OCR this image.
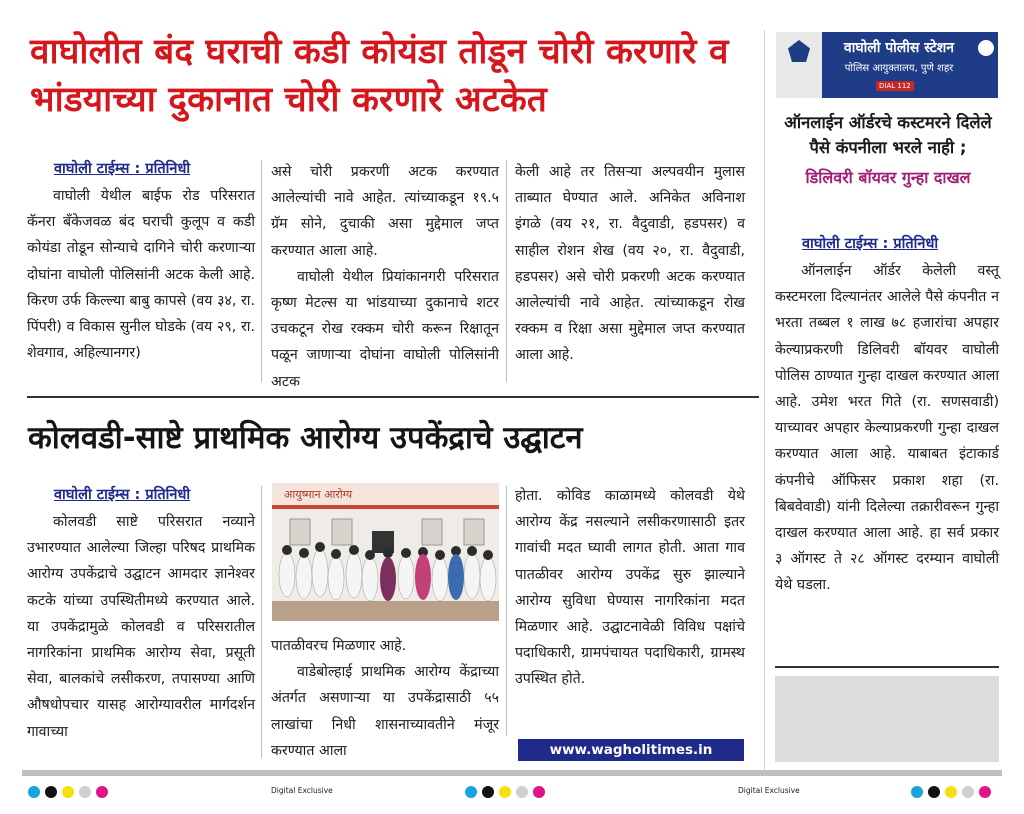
वाघोलीत बंद घराची कडी कोयंडा तोडून चोरी करणारे व भांडयाच्या दुकानात चोरी करणारे अटकेत
वाघोली टाईम्स : प्रतिनिधी

वाघोली येथील बाईफ रोड परिसरात कॅनरा बँकेजवळ बंद घराची कुलूप व कडी कोयंडा तोडून सोन्याचे दागिने चोरी करणाऱ्या दोघांना वाघोली पोलिसांनी अटक केली आहे. किरण उर्फ किल्ल्या बाबु कापसे (वय ३४, रा. पिंपरी) व विकास सुनील घोडके (वय २९, रा. शेवगाव, अहिल्यानगर)

असे चोरी प्रकरणी अटक करण्यात आलेल्यांची नावे आहेत. त्यांच्याकडून १९.५ ग्रॅम सोने, दुचाकी असा मुद्देमाल जप्त करण्यात आला आहे.

वाघोली येथील प्रियांकानगरी परिसरात कृष्ण मेटल्स या भांडयाच्या दुकानाचे शटर उचकटून रोख रक्कम चोरी करून रिक्षातून पळून जाणाऱ्या दोघांना वाघोली पोलिसांनी अटक

केली आहे तर तिसऱ्या अल्पवयीन मुलास ताब्यात घेण्यात आले. अनिकेत अविनाश इंगळे (वय २१, रा. वैदुवाडी, हडपसर) व साहील रोशन शेख (वय २०, रा. वैदुवाडी, हडपसर) असे चोरी प्रकरणी अटक करण्यात आलेल्यांची नावे आहेत. त्यांच्याकडून रोख रक्कम व रिक्षा असा मुद्देमाल जप्त करण्यात आला आहे.

कोलवडी-साष्टे प्राथमिक आरोग्य उपकेंद्राचे उद्घाटन
वाघोली टाईम्स : प्रतिनिधी

कोलवडी साष्टे परिसरात नव्याने उभारण्यात आलेल्या जिल्हा परिषद प्राथमिक आरोग्य उपकेंद्राचे उद्घाटन आमदार ज्ञानेश्वर कटके यांच्या उपस्थितीमध्ये करण्यात आले. या उपकेंद्रामुळे कोलवडी व परिसरातील नागरिकांना प्राथमिक आरोग्य सेवा, प्रसूती सेवा, बालकांचे लसीकरण, तपासण्या आणि औषधोपचार यासह आरोग्यावरील मार्गदर्शन गावाच्या

आयुष्मान आरोग्य

पातळीवरच मिळणार आहे.

वाडेबोल्हाई प्राथमिक आरोग्य केंद्राच्या अंतर्गत असणाऱ्या या उपकेंद्रासाठी ५५ लाखांचा निधी शासनाच्यावतीने मंजूर करण्यात आला

होता. कोविड काळामध्ये कोलवडी येथे आरोग्य केंद्र नसल्याने लसीकरणासाठी इतर गावांची मदत घ्यावी लागत होती. आता गाव पातळीवर आरोग्य उपकेंद्र सुरु झाल्याने आरोग्य सुविधा घेण्यास नागरिकांना मदत मिळणार आहे. उद्घाटनावेळी विविध पक्षांचे पदाधिकारी, ग्रामपंचायत पदाधिकारी, ग्रामस्थ उपस्थित होते.

www.wagholitimes.in
वाघोली पोलीस स्टेशन
पोलिस आयुक्तालय, पुणे शहर
DIAL 112

ऑनलाईन ऑर्डरचे कस्टमरने दिलेले पैसे कंपनीला भरले नाही ;

डिलिवरी बॉयवर गुन्हा दाखल

वाघोली टाईम्स : प्रतिनिधी

ऑनलाईन ऑर्डर केलेली वस्तू कस्टमरला दिल्यानंतर आलेले पैसे कंपनीत न भरता तब्बल १ लाख ७८ हजारांचा अपहार केल्याप्रकरणी डिलिवरी बॉयवर वाघोली पोलिस ठाण्यात गुन्हा दाखल करण्यात आला आहे. उमेश भरत गिते (रा. सणसवाडी) याच्यावर अपहार केल्याप्रकरणी गुन्हा दाखल करण्यात आला आहे. याबाबत इंटाकार्ड कंपनीचे ऑफिसर प्रकाश शहा (रा. बिबवेवाडी) यांनी दिलेल्या तक्रारीवरून गुन्हा दाखल करण्यात आला आहे. हा सर्व प्रकार ३ ऑगस्ट ते २८ ऑगस्ट दरम्यान वाघोली येथे घडला.

Digital Exclusive	Digital Exclusive
